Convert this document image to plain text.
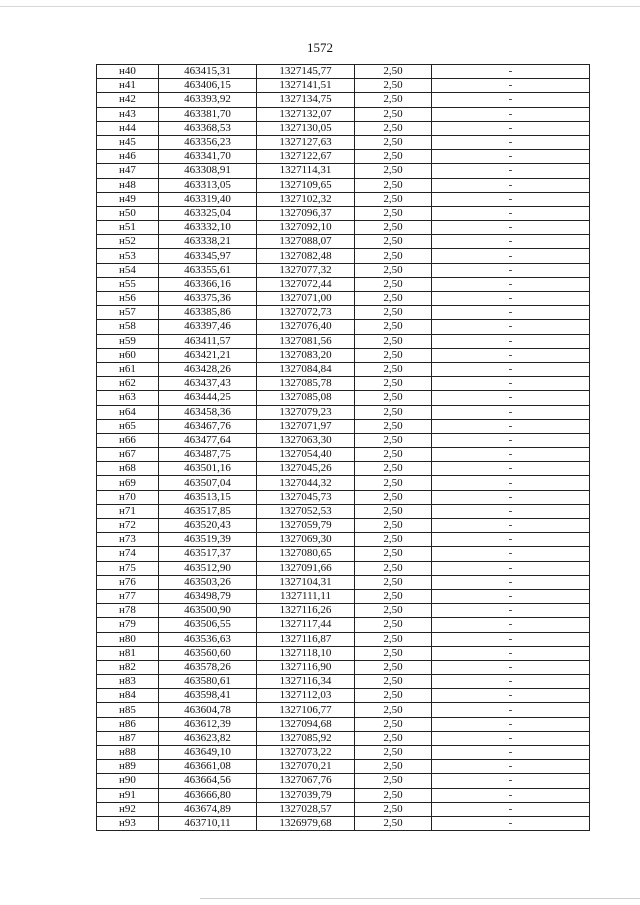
1572
н40	463415,31	1327145,77	2,50	-
н41	463406,15	1327141,51	2,50	-
н42	463393,92	1327134,75	2,50	-
н43	463381,70	1327132,07	2,50	-
н44	463368,53	1327130,05	2,50	-
н45	463356,23	1327127,63	2,50	-
н46	463341,70	1327122,67	2,50	-
н47	463308,91	1327114,31	2,50	-
н48	463313,05	1327109,65	2,50	-
н49	463319,40	1327102,32	2,50	-
н50	463325,04	1327096,37	2,50	-
н51	463332,10	1327092,10	2,50	-
н52	463338,21	1327088,07	2,50	-
н53	463345,97	1327082,48	2,50	-
н54	463355,61	1327077,32	2,50	-
н55	463366,16	1327072,44	2,50	-
н56	463375,36	1327071,00	2,50	-
н57	463385,86	1327072,73	2,50	-
н58	463397,46	1327076,40	2,50	-
н59	463411,57	1327081,56	2,50	-
н60	463421,21	1327083,20	2,50	-
н61	463428,26	1327084,84	2,50	-
н62	463437,43	1327085,78	2,50	-
н63	463444,25	1327085,08	2,50	-
н64	463458,36	1327079,23	2,50	-
н65	463467,76	1327071,97	2,50	-
н66	463477,64	1327063,30	2,50	-
н67	463487,75	1327054,40	2,50	-
н68	463501,16	1327045,26	2,50	-
н69	463507,04	1327044,32	2,50	-
н70	463513,15	1327045,73	2,50	-
н71	463517,85	1327052,53	2,50	-
н72	463520,43	1327059,79	2,50	-
н73	463519,39	1327069,30	2,50	-
н74	463517,37	1327080,65	2,50	-
н75	463512,90	1327091,66	2,50	-
н76	463503,26	1327104,31	2,50	-
н77	463498,79	1327111,11	2,50	-
н78	463500,90	1327116,26	2,50	-
н79	463506,55	1327117,44	2,50	-
н80	463536,63	1327116,87	2,50	-
н81	463560,60	1327118,10	2,50	-
н82	463578,26	1327116,90	2,50	-
н83	463580,61	1327116,34	2,50	-
н84	463598,41	1327112,03	2,50	-
н85	463604,78	1327106,77	2,50	-
н86	463612,39	1327094,68	2,50	-
н87	463623,82	1327085,92	2,50	-
н88	463649,10	1327073,22	2,50	-
н89	463661,08	1327070,21	2,50	-
н90	463664,56	1327067,76	2,50	-
н91	463666,80	1327039,79	2,50	-
н92	463674,89	1327028,57	2,50	-
н93	463710,11	1326979,68	2,50	-
